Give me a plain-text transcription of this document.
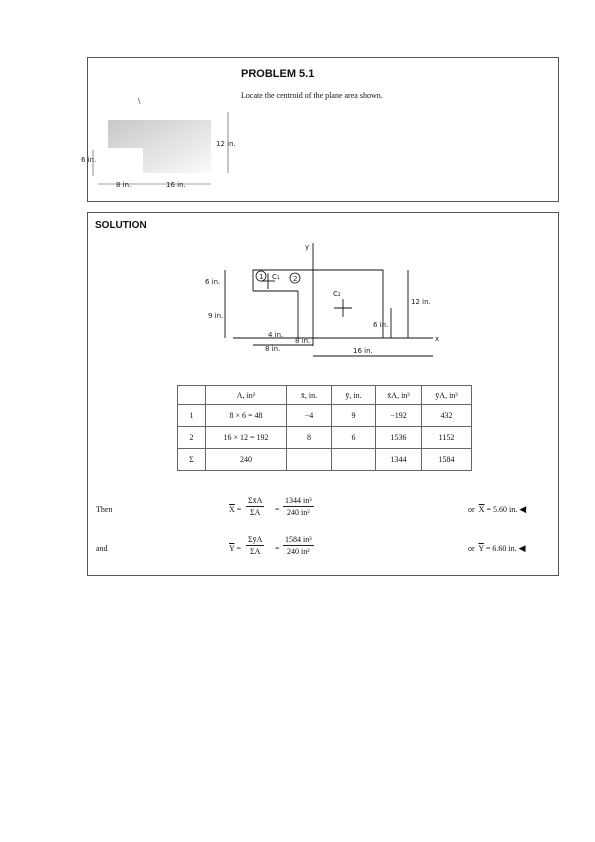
PROBLEM 5.1
Locate the centroid of the plane area shown.
\
12 in.
6 in.
8 in.	16 in.
SOLUTION
y
x
1	2
C₁
C₂
6 in.
9 in.
12 in.
6 in.
4 in.
8 in.
8 in.	16 in.
	A, in²	x̄, in.	ȳ, in.	x̄A, in³	ȳA, in³
1	8 × 6 = 48	−4	9	−192	432
2	16 × 12 = 192	8	6	1536	1152
Σ	240			1344	1584
Then	$\overline{X} = \frac{\Sigma x̄A}{\Sigma A} = \frac{\text{1344 in³}}{\text{240 in²}}$	or $\overline{X} = 5.60$ in. ◀
and	$\overline{Y} = \frac{\Sigma ȳA}{\Sigma A} = \frac{\text{1584 in³}}{\text{240 in²}}$	or $\overline{Y} = 6.60$ in. ◀
